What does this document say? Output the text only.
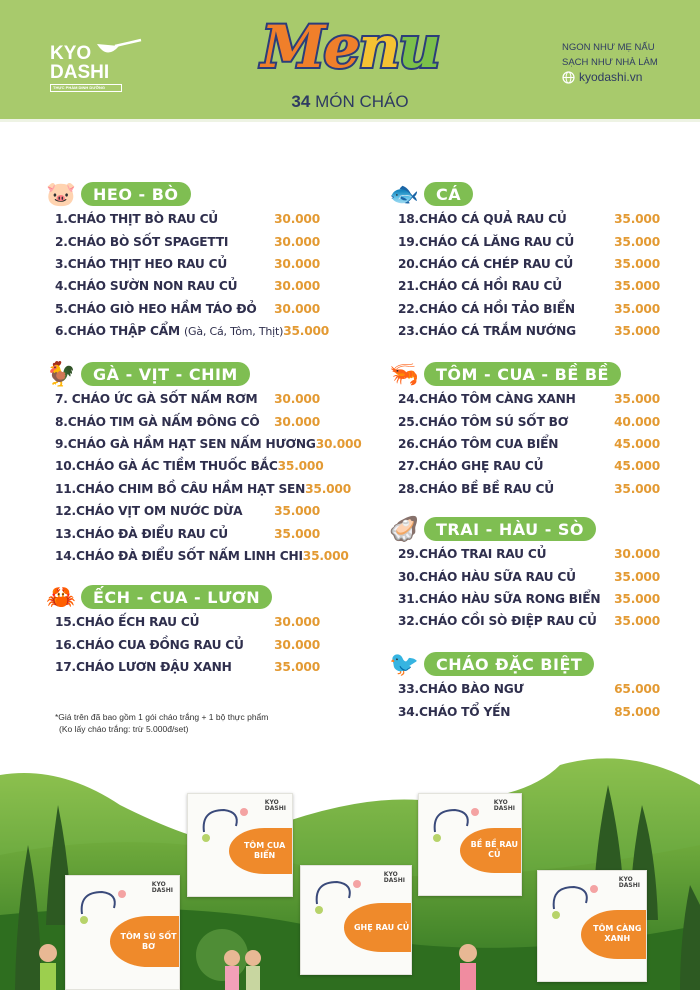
KYO
DASHI
THỰC PHẨM DINH DƯỠNG
Menu
34 MÓN CHÁO
NGON NHƯ MẸ NẤU
SẠCH NHƯ NHÀ LÀM
kyodashi.vn
🐷	HEO - BÒ
1.CHÁO THỊT BÒ RAU CỦ	30.000
2.CHÁO BÒ SỐT SPAGETTI	30.000
3.CHÁO THỊT HEO RAU CỦ	30.000
4.CHÁO SƯỜN NON RAU CỦ	30.000
5.CHÁO GIÒ HEO HẦM TÁO ĐỎ	30.000
6.CHÁO THẬP CẨM (Gà, Cá, Tôm, Thịt) 35.000
🐓	GÀ - VỊT - CHIM
7. CHÁO ỨC GÀ SỐT NẤM RƠM	30.000
8.CHÁO TIM GÀ NẤM ĐÔNG CÔ	30.000
9.CHÁO GÀ HẦM HẠT SEN NẤM HƯƠNG 30.000
10.CHÁO GÀ ÁC TIỀM THUỐC BẮC 35.000
11.CHÁO CHIM BỒ CÂU HẦM HẠT SEN 35.000
12.CHÁO VỊT OM NƯỚC DỪA	35.000
13.CHÁO ĐÀ ĐIỂU RAU CỦ	35.000
14.CHÁO ĐÀ ĐIỂU SỐT NẤM LINH CHI 35.000
🦀	ẾCH - CUA - LƯƠN
15.CHÁO ẾCH RAU CỦ	30.000
16.CHÁO CUA ĐỒNG RAU CỦ	30.000
17.CHÁO LƯƠN ĐẬU XANH	35.000
🐟	CÁ
18.CHÁO CÁ QUẢ RAU CỦ	35.000
19.CHÁO CÁ LĂNG RAU CỦ	35.000
20.CHÁO CÁ CHÉP RAU CỦ	35.000
21.CHÁO CÁ HỒI RAU CỦ	35.000
22.CHÁO CÁ HỒI TẢO BIỂN	35.000
23.CHÁO CÁ TRẮM NƯỚNG	35.000
🦐	TÔM - CUA - BỀ BỀ
24.CHÁO TÔM CÀNG XANH	35.000
25.CHÁO TÔM SÚ SỐT BƠ	40.000
26.CHÁO TÔM CUA BIỂN	45.000
27.CHÁO GHẸ RAU CỦ	45.000
28.CHÁO BỀ BỀ RAU CỦ	35.000
🦪	TRAI - HÀU - SÒ
29.CHÁO TRAI RAU CỦ	30.000
30.CHÁO HÀU SỮA RAU CỦ	35.000
31.CHÁO HÀU SỮA RONG BIỂN	35.000
32.CHÁO CỒI SÒ ĐIỆP RAU CỦ	35.000
🐦	CHÁO ĐẶC BIỆT
33.CHÁO BÀO NGƯ	65.000
34.CHÁO TỔ YẾN	85.000
*Giá trên đã bao gồm 1 gói cháo trắng + 1 bộ thực phẩm
(Ko lấy cháo trắng: trừ 5.000đ/set)
KYO
DASHI
TÔM SÚ SỐT BƠ
KYO
DASHI
TÔM CUA BIỂN
KYO
DASHI
GHẸ RAU CỦ
KYO
DASHI
BỀ BỀ RAU CỦ
KYO
DASHI
TÔM CÀNG XANH
